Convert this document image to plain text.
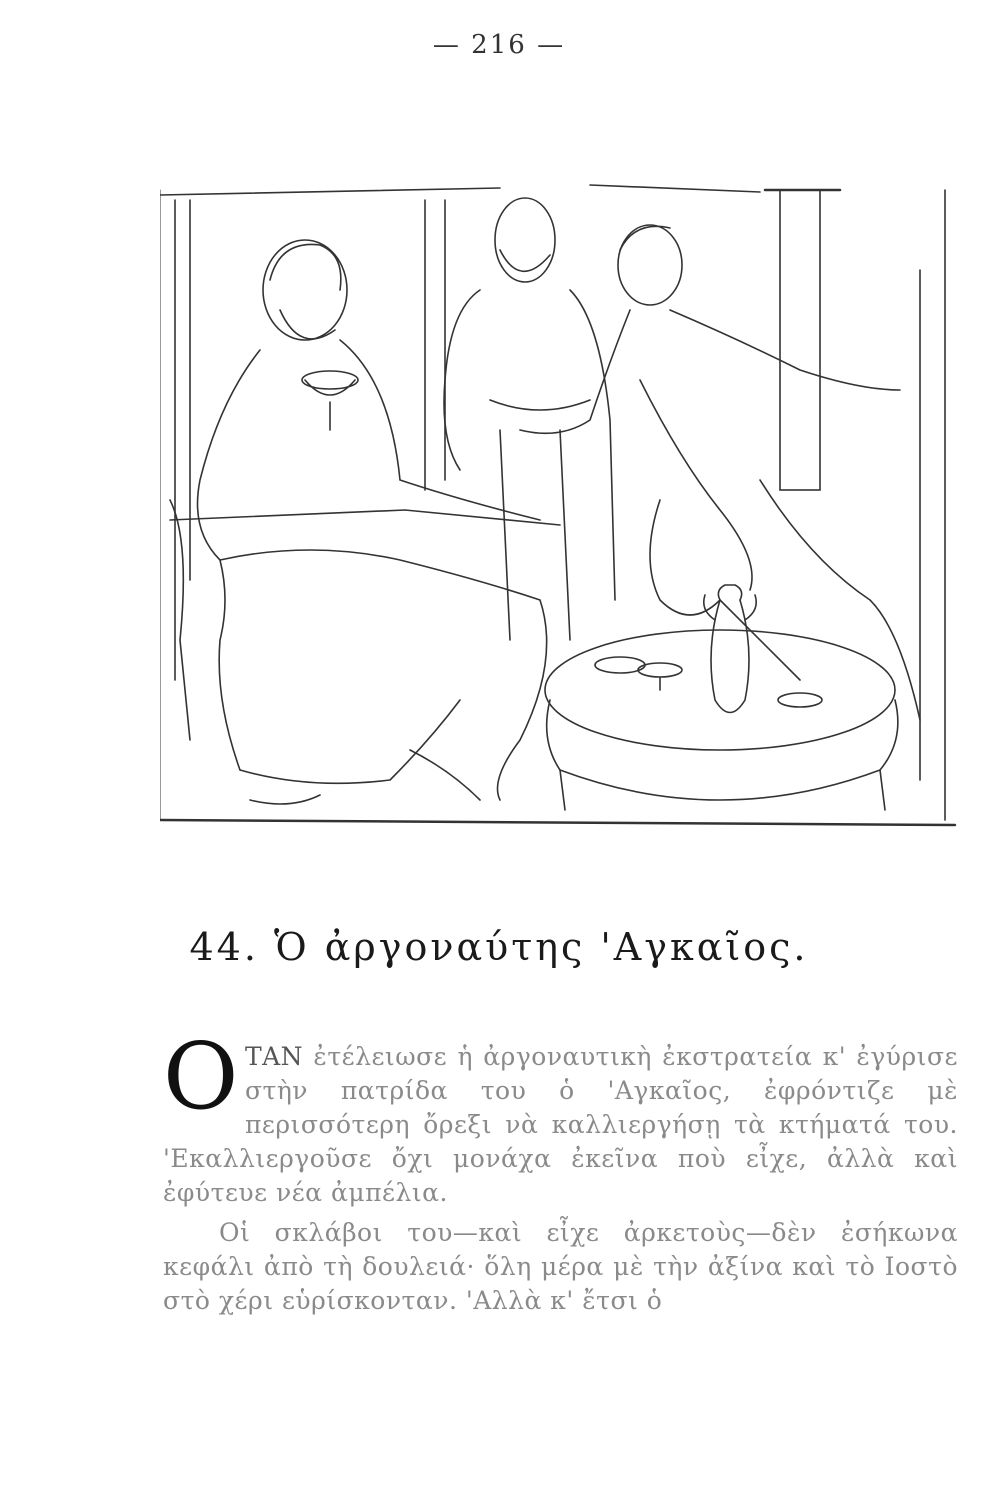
— 216 —
44. Ὁ ἀργοναύτης 'Αγκαῖος.

Ο ΤΑΝ ἐτέλειωσε ἡ ἀργοναυτικὴ ἐκστρατεία κ' ἐγύρισε στὴν πατρίδα του ὁ 'Αγκαῖος, ἐφρόντιζε μὲ περισσότερη ὄρεξι νὰ καλλιεργήσῃ τὰ κτήματά του. 'Εκαλλιεργοῦσε ὄχι μονάχα ἐκεῖνα ποὺ εἶχε, ἀλλὰ καὶ ἐφύτευε νέα ἀμπέλια.

Οἱ σκλάβοι του—καὶ εἶχε ἀρκετοὺς—δὲν ἐσήκωνα κεφάλι ἀπὸ τὴ δουλειά· ὅλη μέρα μὲ τὴν ἀξίνα καὶ τὸ Ιοστὸ στὸ χέρι εὑρίσκονταν. 'Αλλὰ κ' ἔτσι ὁ
